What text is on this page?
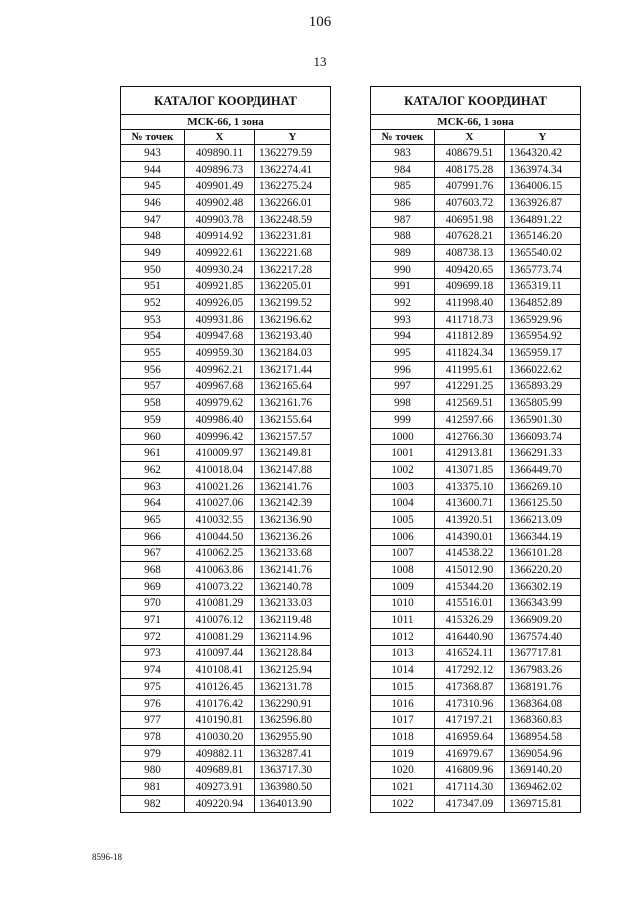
106
13
КАТАЛОГ КООРДИНАТ		
МСК-66, 1 зона		
№ точек	X	Y
943	409890.11	1362279.59
944	409896.73	1362274.41
945	409901.49	1362275.24
946	409902.48	1362266.01
947	409903.78	1362248.59
948	409914.92	1362231.81
949	409922.61	1362221.68
950	409930.24	1362217.28
951	409921.85	1362205.01
952	409926.05	1362199.52
953	409931.86	1362196.62
954	409947.68	1362193.40
955	409959.30	1362184.03
956	409962.21	1362171.44
957	409967.68	1362165.64
958	409979.62	1362161.76
959	409986.40	1362155.64
960	409996.42	1362157.57
961	410009.97	1362149.81
962	410018.04	1362147.88
963	410021.26	1362141.76
964	410027.06	1362142.39
965	410032.55	1362136.90
966	410044.50	1362136.26
967	410062.25	1362133.68
968	410063.86	1362141.76
969	410073.22	1362140.78
970	410081.29	1362133.03
971	410076.12	1362119.48
972	410081.29	1362114.96
973	410097.44	1362128.84
974	410108.41	1362125.94
975	410126.45	1362131.78
976	410176.42	1362290.91
977	410190.81	1362596.80
978	410030.20	1362955.90
979	409882.11	1363287.41
980	409689.81	1363717.30
981	409273.91	1363980.50
982	409220.94	1364013.90
КАТАЛОГ КООРДИНАТ		
МСК-66, 1 зона		
№ точек	X	Y
983	408679.51	1364320.42
984	408175.28	1363974.34
985	407991.76	1364006.15
986	407603.72	1363926.87
987	406951.98	1364891.22
988	407628.21	1365146.20
989	408738.13	1365540.02
990	409420.65	1365773.74
991	409699.18	1365319.11
992	411998.40	1364852.89
993	411718.73	1365929.96
994	411812.89	1365954.92
995	411824.34	1365959.17
996	411995.61	1366022.62
997	412291.25	1365893.29
998	412569.51	1365805.99
999	412597.66	1365901.30
1000	412766.30	1366093.74
1001	412913.81	1366291.33
1002	413071.85	1366449.70
1003	413375.10	1366269.10
1004	413600.71	1366125.50
1005	413920.51	1366213.09
1006	414390.01	1366344.19
1007	414538.22	1366101.28
1008	415012.90	1366220.20
1009	415344.20	1366302.19
1010	415516.01	1366343.99
1011	415326.29	1366909.20
1012	416440.90	1367574.40
1013	416524.11	1367717.81
1014	417292.12	1367983.26
1015	417368.87	1368191.76
1016	417310.96	1368364.08
1017	417197.21	1368360.83
1018	416959.64	1368954.58
1019	416979.67	1369054.96
1020	416809.96	1369140.20
1021	417114.30	1369462.02
1022	417347.09	1369715.81
8596-18
